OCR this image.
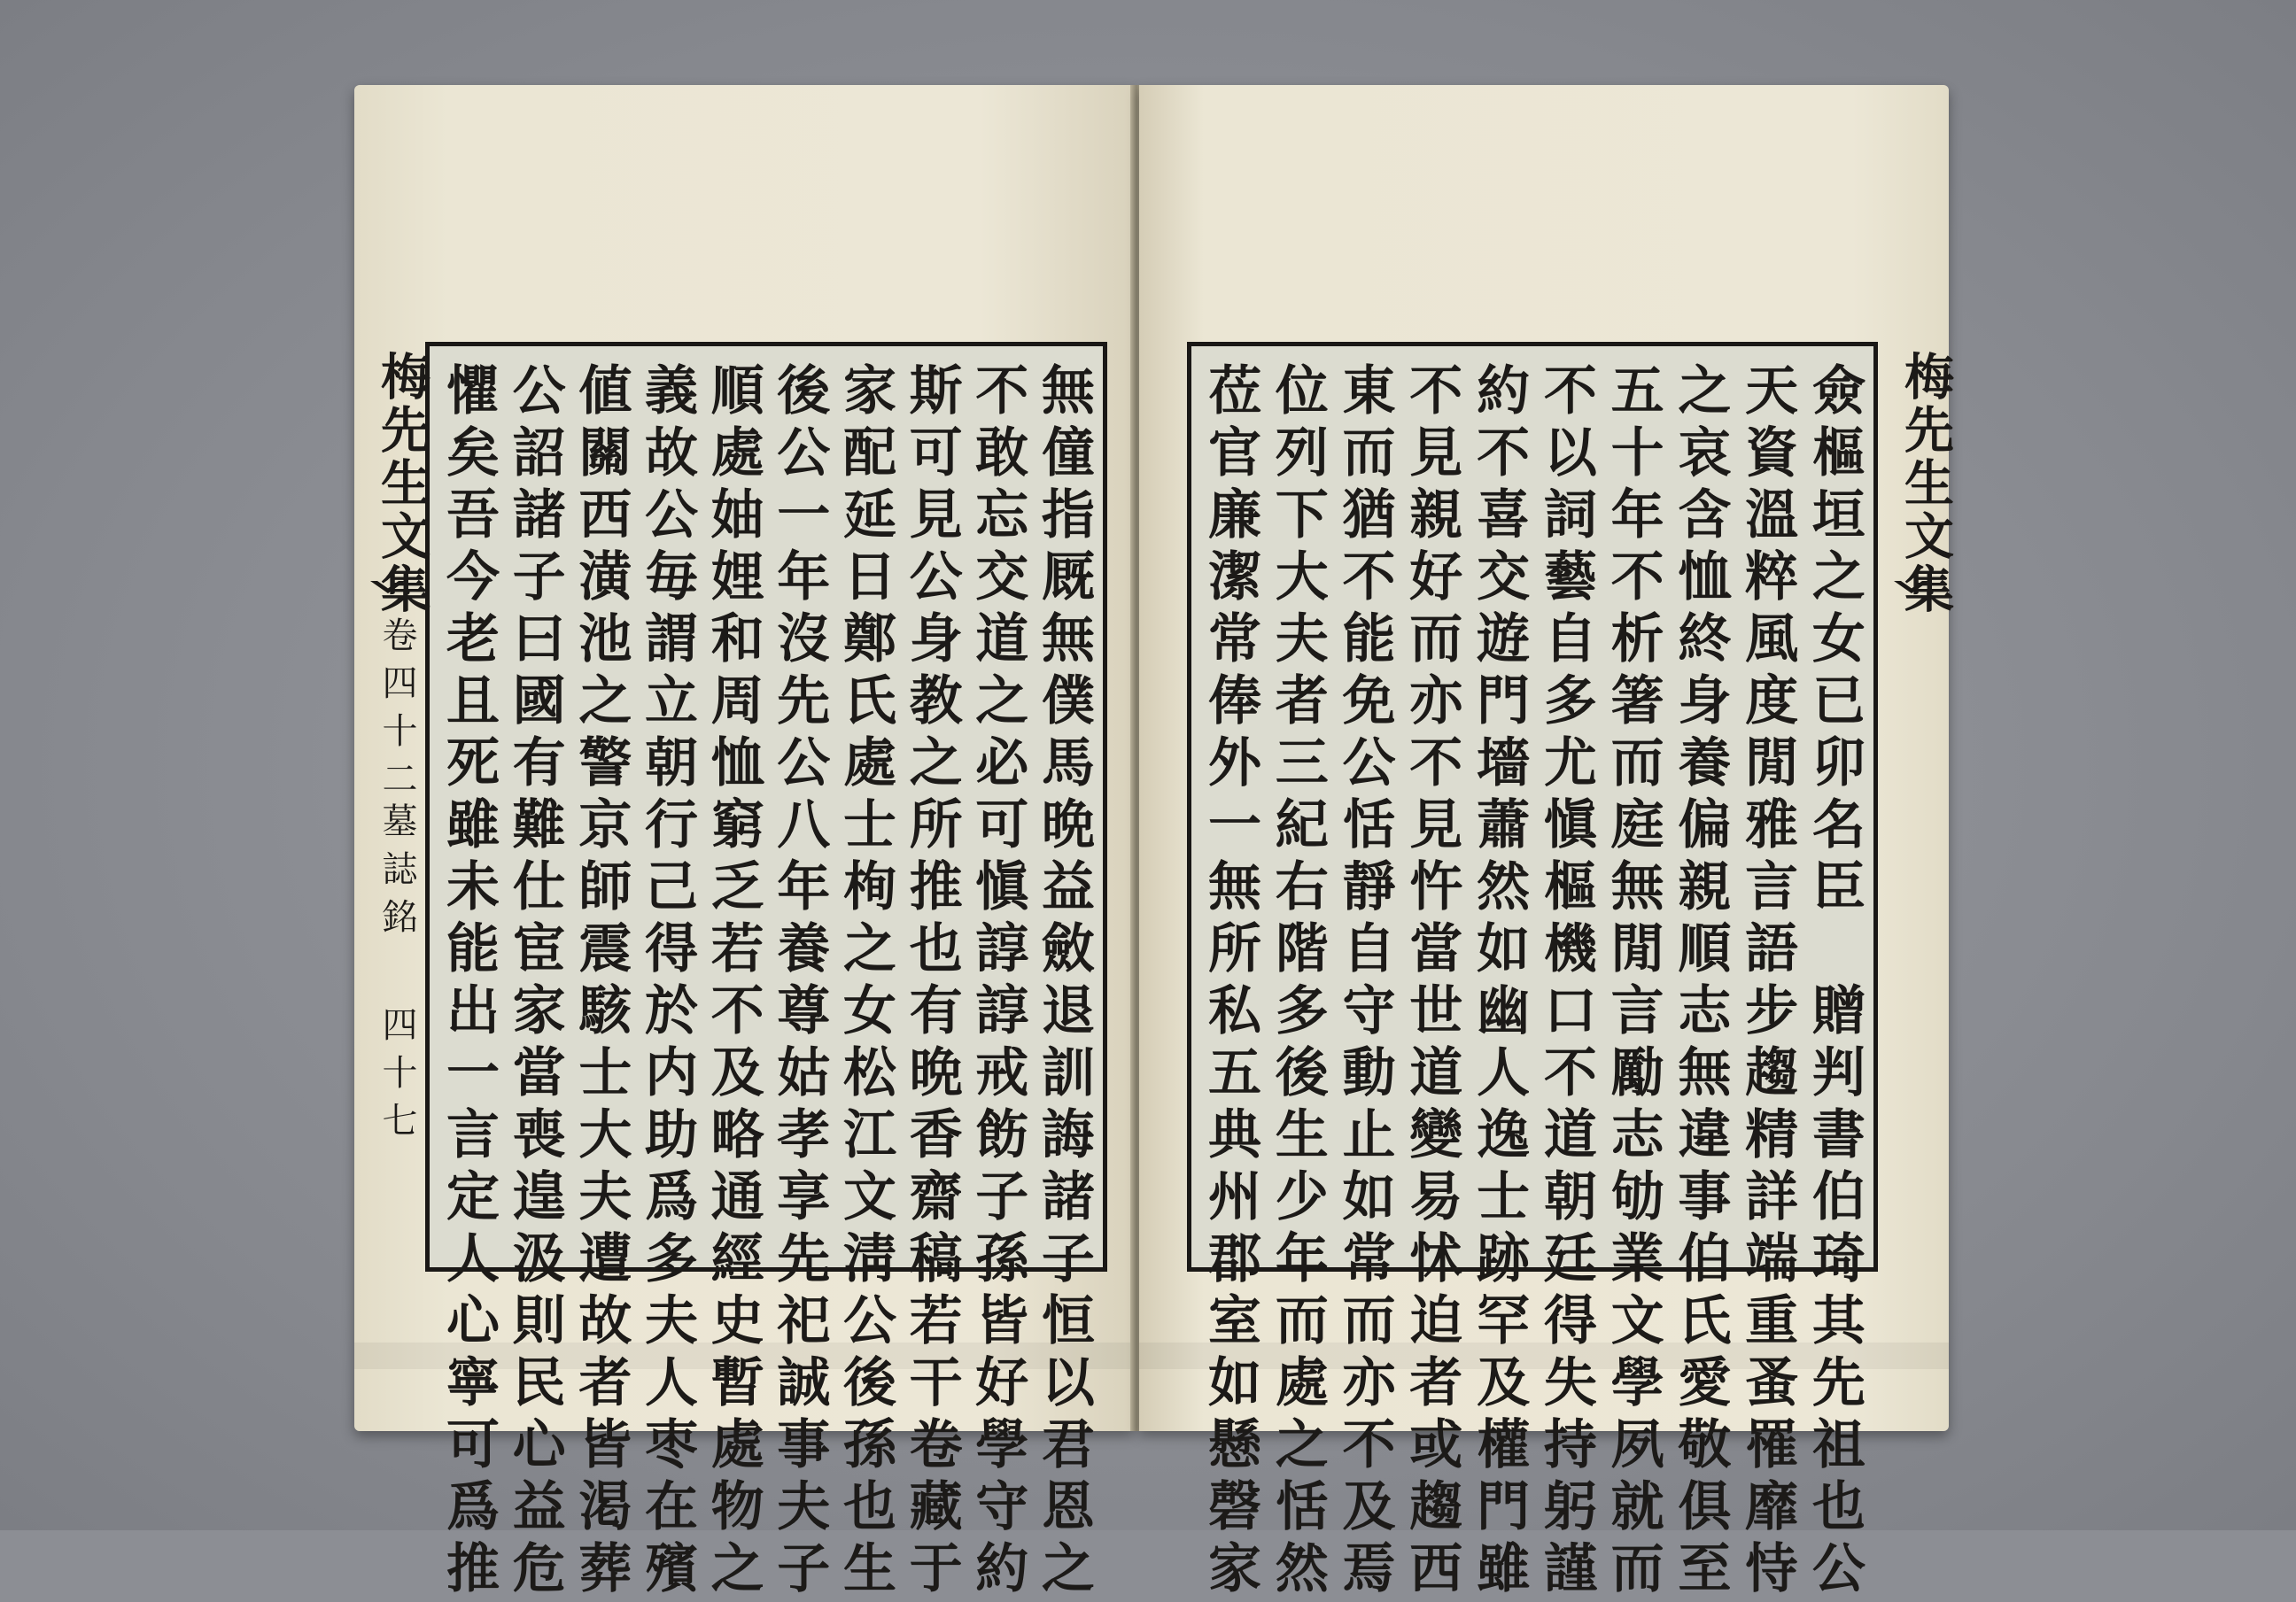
無僮指厩無僕馬晩益斂退訓誨諸子恒以君恩之
不敢忘交道之必可愼諄諄戒飭子孫皆好學守約
斯可見公身教之所推也有晩香齋稿若干卷藏于
家配延日鄭氏處士栒之女松江文淸公後孫也生
後公一年沒先公八年養尊姑孝享先祀誠事夫子
順處妯娌和周恤窮乏若不及略通經史暫處物之
義故公毎謂立朝行己得於内助爲多夫人枣在殯
値關西潢池之警京師震駭士大夫遭故者皆渇葬
公詔諸子曰國有難仕宦家當喪遑汲則民心益危
懼矣吾今老且死雖未能出一言定人心寧可爲推
梅先生文集
卷四十二
墓誌銘
四十七	僉樞垣之女已卯名臣　贈判書伯琦其先祖也公
天資溫粹風度閒雅言語步趨精詳端重蚤罹靡恃
之哀含恤終身養偏親順志無違事伯氏愛敬俱至
五十年不析箸而庭無閒言勵志劬業文學夙就而
不以詞藝自多尤愼樞機口不道朝廷得失持躬謹
約不喜交遊門墻蕭然如幽人逸士跡罕及權門雖
不見親好而亦不見忤當世道變易怵迫者或趨西
東而猶不能免公恬靜自守動止如常而亦不及焉
位列下大夫者三紀右階多後生少年而處之恬然
莅官廉潔常俸外一無所私五典州郡室如懸磬家	梅先生文集
